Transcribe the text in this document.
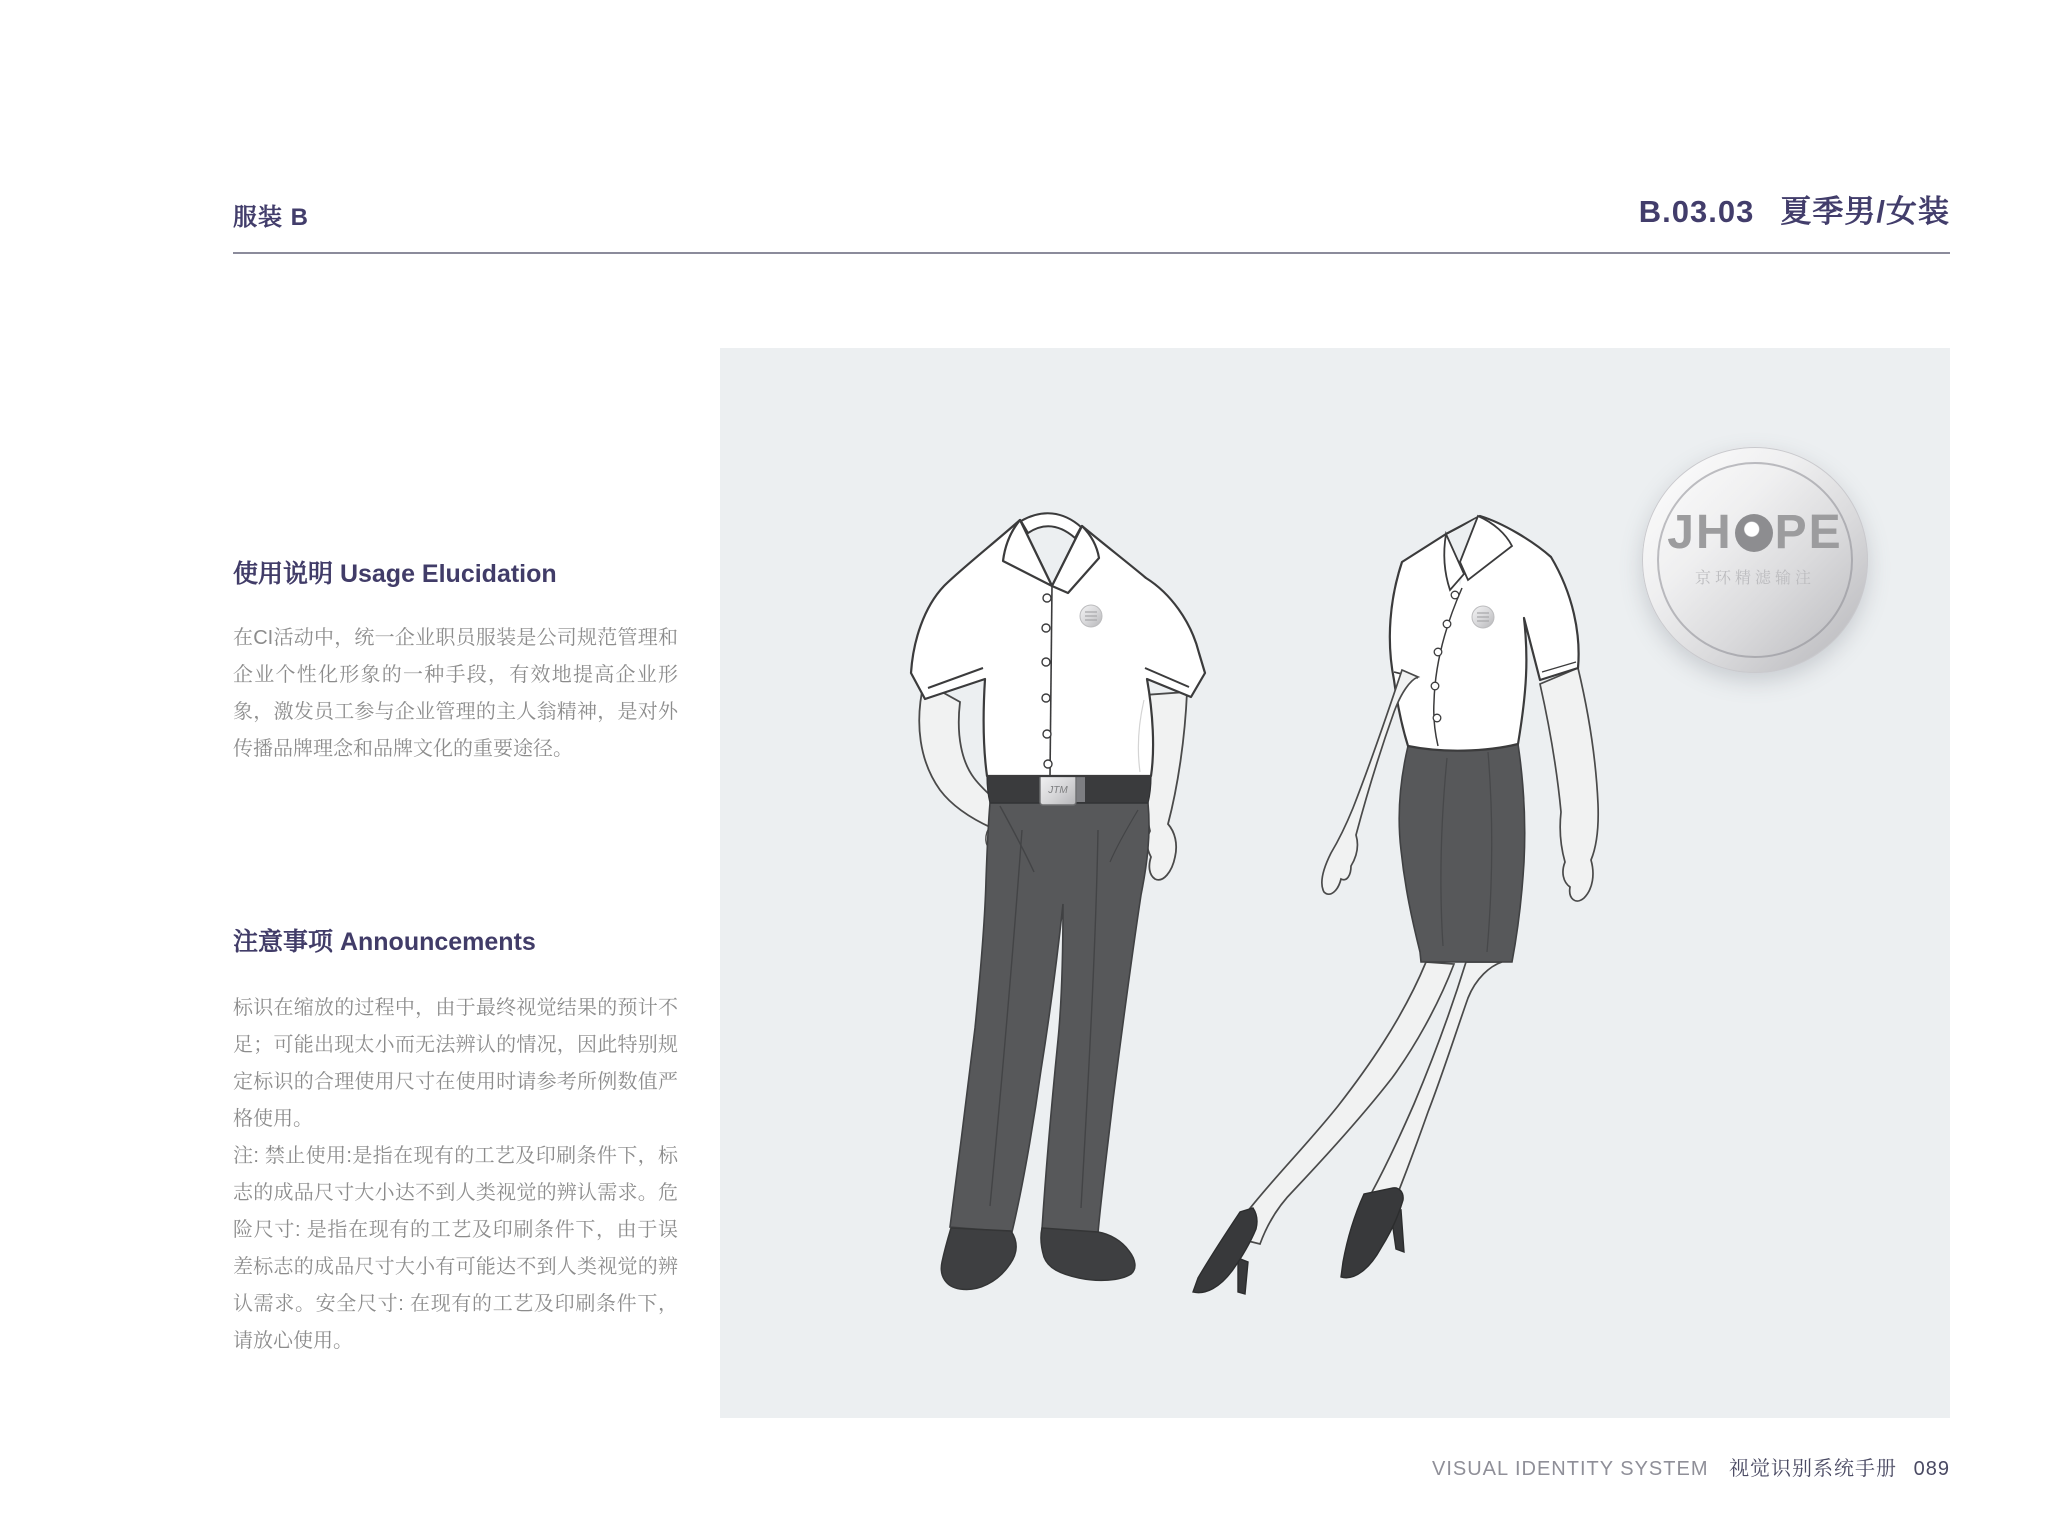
服装 B	B.03.03 夏季男/女装
使用说明 Usage Elucidation

在CI活动中，统一企业职员服装是公司规范管理和企业个性化形象的一种手段，有效地提高企业形象，激发员工参与企业管理的主人翁精神，是对外传播品牌理念和品牌文化的重要途径。

注意事项 Announcements

标识在缩放的过程中，由于最终视觉结果的预计不足；可能出现太小而无法辨认的情况，因此特别规定标识的合理使用尺寸在使用时请参考所例数值严格使用。

注: 禁止使用:是指在现有的工艺及印刷条件下，标志的成品尺寸大小达不到人类视觉的辨认需求。危险尺寸: 是指在现有的工艺及印刷条件下，由于误差标志的成品尺寸大小有可能达不到人类视觉的辨认需求。安全尺寸: 在现有的工艺及印刷条件下，请放心使用。

JTM
JH PE
京环精滤输注
VISUAL IDENTITY SYSTEM 视觉识别系统手册 089
